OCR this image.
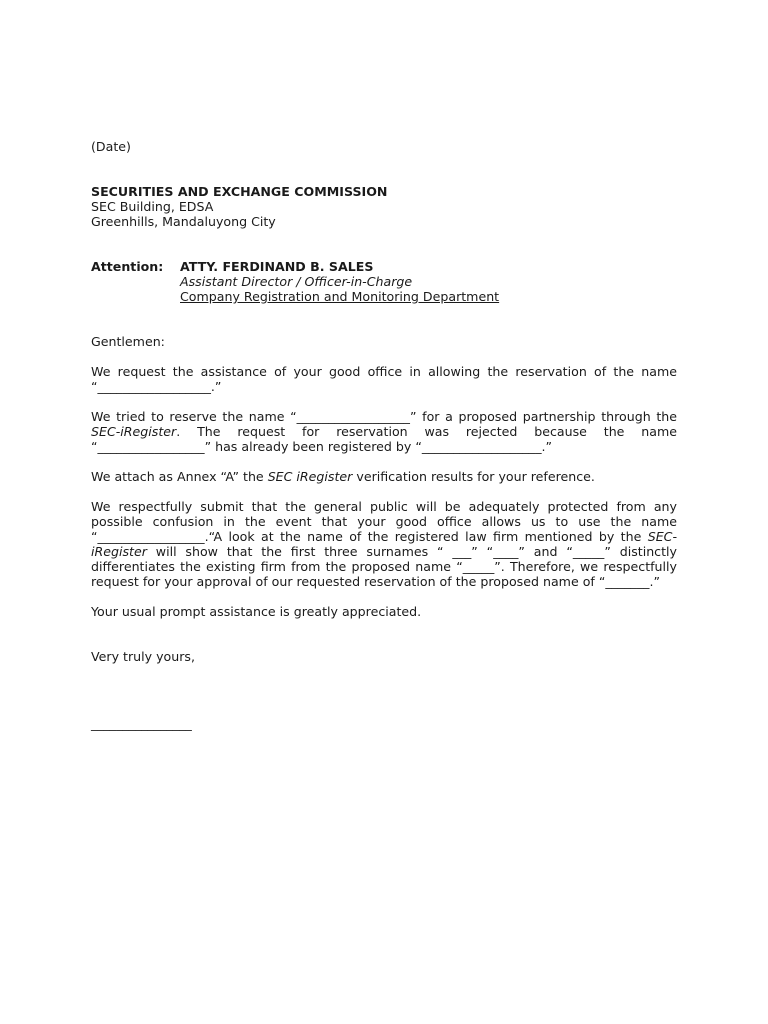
(Date)

SECURITIES AND EXCHANGE COMMISSION

SEC Building, EDSA

Greenhills, Mandaluyong City

Attention:	ATTY. FERDINAND B. SALES

Assistant Director / Officer-in-Charge

Company Registration and Monitoring Department

Gentlemen:

We request the assistance of your good office in allowing the reservation of the name “__________________.”

We tried to reserve the name “__________________” for a proposed partnership through the SEC-iRegister. The request for reservation was rejected because the name “_________________” has already been registered by “___________________.”

We attach as Annex “A” the SEC iRegister verification results for your reference.

We respectfully submit that the general public will be adequately protected from any possible confusion in the event that your good office allows us to use the name “_________________.“A look at the name of the registered law firm mentioned by the SEC-iRegister will show that the first three surnames “ ___” “____” and “_____” distinctly differentiates the existing firm from the proposed name “_____”. Therefore, we respectfully request for your approval of our requested reservation of the proposed name of “_______.”

Your usual prompt assistance is greatly appreciated.

Very truly yours,

________________
